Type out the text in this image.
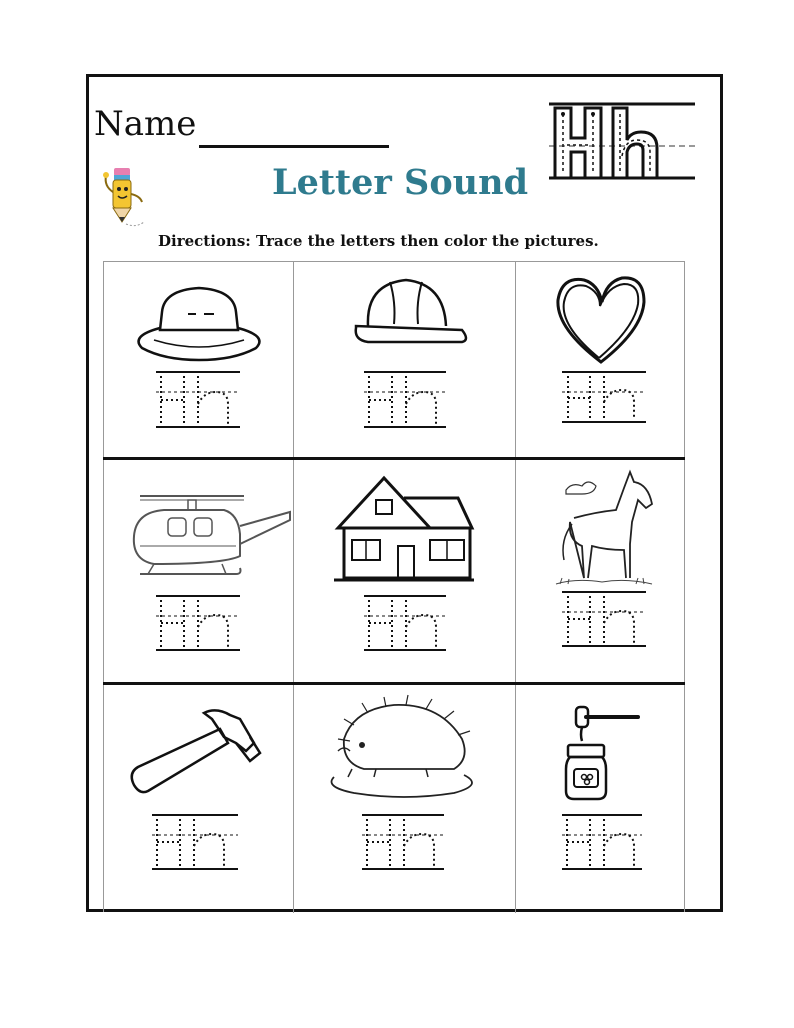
Name
Letter Sound
Directions: Trace the letters then color the pictures.
